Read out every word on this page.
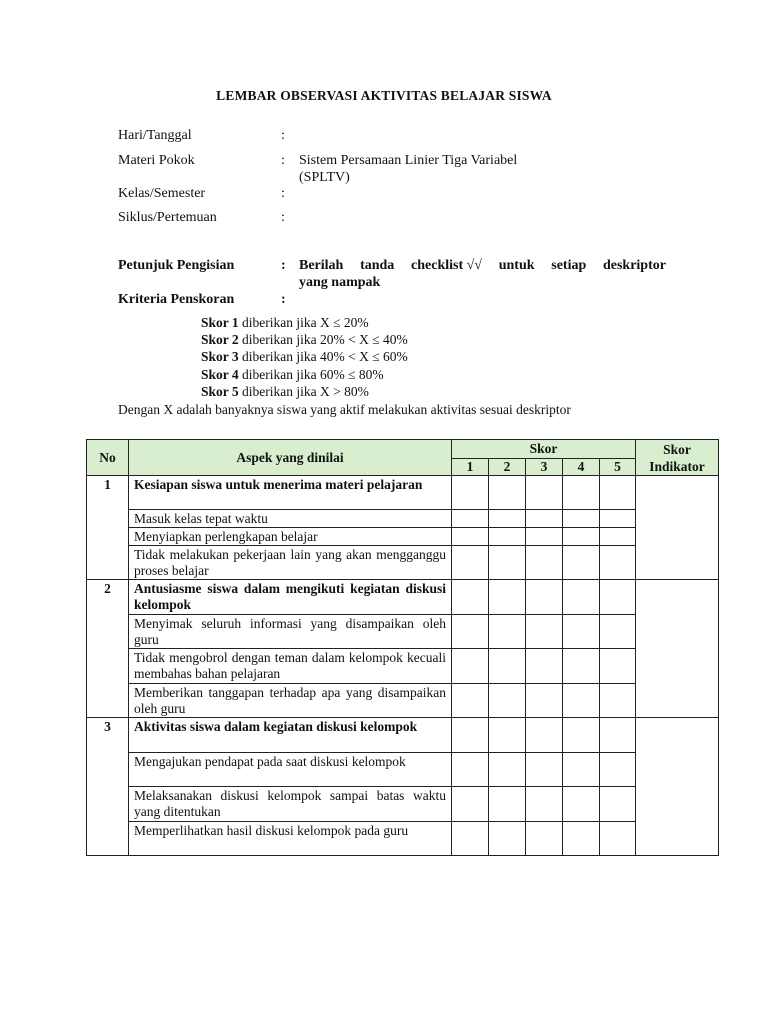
LEMBAR OBSERVASI AKTIVITAS BELAJAR SISWA
Hari/Tanggal	:
Materi Pokok	: Sistem Persamaan Linier Tiga Variabel
(SPLTV)
Kelas/Semester	:
Siklus/Pertemuan	:
Petunjuk Pengisian	: Berilah tanda checklist √√ untuk setiap deskriptor
yang nampak
Kriteria Penskoran	:
Skor 1 diberikan jika X ≤ 20%
Skor 2 diberikan jika 20% < X ≤ 40%
Skor 3 diberikan jika 40% < X ≤ 60%
Skor 4 diberikan jika 60% ≤ 80%
Skor 5 diberikan jika X > 80%
Dengan X adalah banyaknya siswa yang aktif melakukan aktivitas sesuai deskriptor
No	Aspek yang dinilai	Skor					Skor Indikator
		1	2	3	4	5	
1	Kesiapan siswa untuk menerima materi pelajaran						
	Masuk kelas tepat waktu						
	Menyiapkan perlengkapan belajar						
	Tidak melakukan pekerjaan lain yang akan mengganggu proses belajar						
2	Antusiasme siswa dalam mengikuti kegiatan diskusi kelompok						
	Menyimak seluruh informasi yang disampaikan oleh guru						
	Tidak mengobrol dengan teman dalam kelompok kecuali membahas bahan pelajaran						
	Memberikan tanggapan terhadap apa yang disampaikan oleh guru						
3	Aktivitas siswa dalam kegiatan diskusi kelompok						
	Mengajukan pendapat pada saat diskusi kelompok						
	Melaksanakan diskusi kelompok sampai batas waktu yang ditentukan						
	Memperlihatkan hasil diskusi kelompok pada guru						
